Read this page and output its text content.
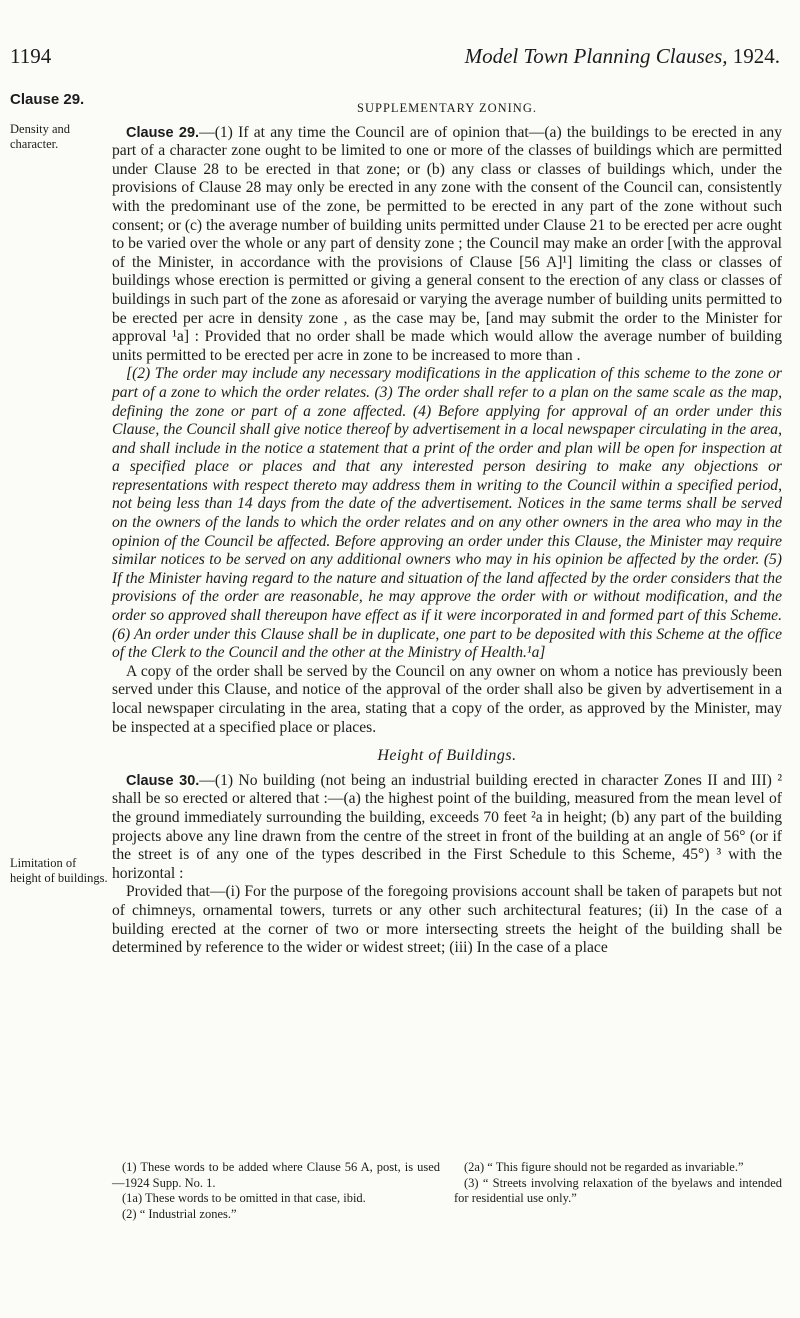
1194	Model Town Planning Clauses, 1924.
Clause 29.
Density and character.
Limitation of height of buildings.
SUPPLEMENTARY ZONING.

Clause 29.—(1) If at any time the Council are of opinion that—(a) the buildings to be erected in any part of a character zone ought to be limited to one or more of the classes of buildings which are permitted under Clause 28 to be erected in that zone; or (b) any class or classes of buildings which, under the provisions of Clause 28 may only be erected in any zone with the consent of the Council can, consistently with the predominant use of the zone, be permitted to be erected in any part of the zone without such consent; or (c) the average number of building units permitted under Clause 21 to be erected per acre ought to be varied over the whole or any part of density zone ; the Council may make an order [with the approval of the Minister, in accordance with the provisions of Clause [56 A]¹] limiting the class or classes of buildings whose erection is permitted or giving a general consent to the erection of any class or classes of buildings in such part of the zone as aforesaid or varying the average number of building units permitted to be erected per acre in density zone , as the case may be, [and may submit the order to the Minister for approval ¹a] : Provided that no order shall be made which would allow the average number of building units permitted to be erected per acre in zone to be increased to more than .

[(2) The order may include any necessary modifications in the application of this scheme to the zone or part of a zone to which the order relates. (3) The order shall refer to a plan on the same scale as the map, defining the zone or part of a zone affected. (4) Before applying for approval of an order under this Clause, the Council shall give notice thereof by advertisement in a local newspaper circulating in the area, and shall include in the notice a statement that a print of the order and plan will be open for inspection at a specified place or places and that any interested person desiring to make any objections or representations with respect thereto may address them in writing to the Council within a specified period, not being less than 14 days from the date of the advertisement. Notices in the same terms shall be served on the owners of the lands to which the order relates and on any other owners in the area who may in the opinion of the Council be affected. Before approving an order under this Clause, the Minister may require similar notices to be served on any additional owners who may in his opinion be affected by the order. (5) If the Minister having regard to the nature and situation of the land affected by the order considers that the provisions of the order are reasonable, he may approve the order with or without modification, and the order so approved shall thereupon have effect as if it were incorporated in and formed part of this Scheme. (6) An order under this Clause shall be in duplicate, one part to be deposited with this Scheme at the office of the Clerk to the Council and the other at the Ministry of Health.¹a]

A copy of the order shall be served by the Council on any owner on whom a notice has previously been served under this Clause, and notice of the approval of the order shall also be given by advertisement in a local newspaper circulating in the area, stating that a copy of the order, as approved by the Minister, may be inspected at a specified place or places.

Height of Buildings.

Clause 30.—(1) No building (not being an industrial building erected in character Zones II and III) ² shall be so erected or altered that :—(a) the highest point of the building, measured from the mean level of the ground immediately surrounding the building, exceeds 70 feet ²a in height; (b) any part of the building projects above any line drawn from the centre of the street in front of the building at an angle of 56° (or if the street is of any one of the types described in the First Schedule to this Scheme, 45°) ³ with the horizontal :

Provided that—(i) For the purpose of the foregoing provisions account shall be taken of parapets but not of chimneys, ornamental towers, turrets or any other such architectural features; (ii) In the case of a building erected at the corner of two or more intersecting streets the height of the building shall be determined by reference to the wider or widest street; (iii) In the case of a place

(1) These words to be added where Clause 56 A, post, is used—1924 Supp. No. 1.

(1a) These words to be omitted in that case, ibid.

(2) “ Industrial zones.”

(2a) “ This figure should not be regarded as invariable.”

(3) “ Streets involving relaxation of the byelaws and intended for residential use only.”
